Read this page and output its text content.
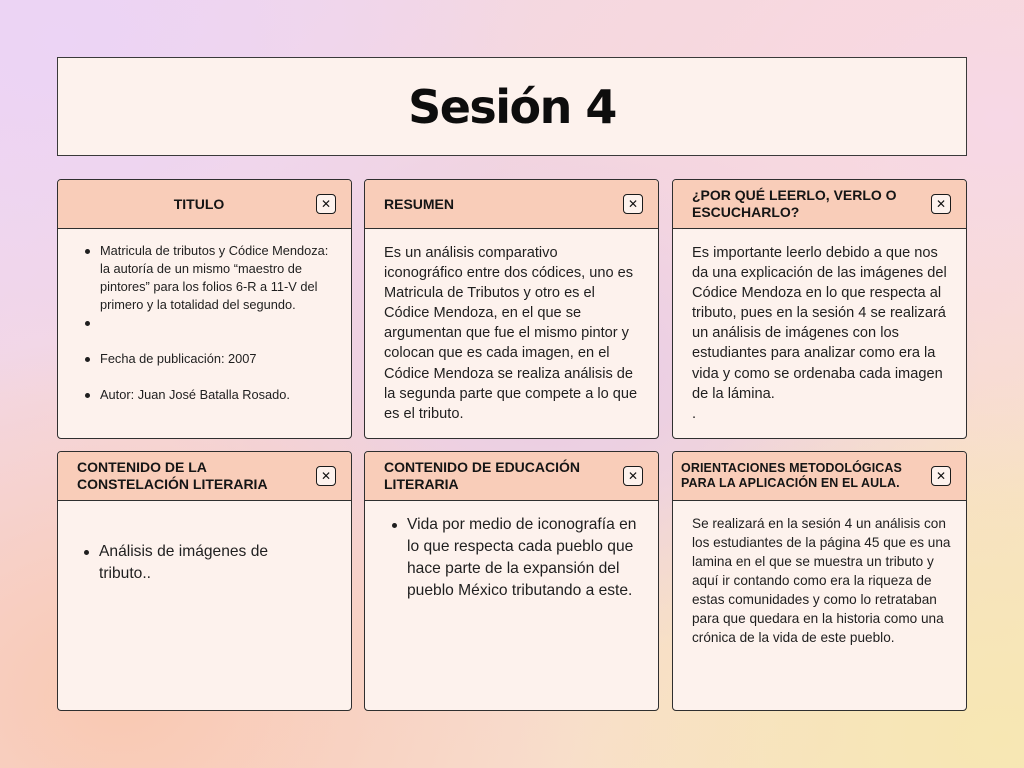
Sesión 4
TITULO	✕
Matricula de tributos y Códice Mendoza: la autoría de un mismo “maestro de pintores” para los folios 6-R a 11-V del primero y la totalidad del segundo.
Fecha de publicación: 2007
Autor: Juan José Batalla Rosado.
RESUMEN	✕

Es un análisis comparativo iconográfico entre dos códices, uno es Matricula de Tributos y otro es el Códice Mendoza, en el que se argumentan que fue el mismo pintor y colocan que es cada imagen, en el Códice Mendoza se realiza análisis de la segunda parte que compete a lo que es el tributo.

¿POR QUÉ LEERLO, VERLO O ESCUCHARLO?	✕

Es importante leerlo debido a que nos da una explicación de las imágenes del Códice Mendoza en lo que respecta al tributo, pues en la sesión 4 se realizará un análisis de imágenes con los estudiantes para analizar como era la vida y como se ordenaba cada imagen de la lámina.

.

CONTENIDO DE LA CONSTELACIÓN LITERARIA	✕
Análisis de imágenes de tributo..
CONTENIDO DE EDUCACIÓN LITERARIA	✕
Vida por medio de iconografía en lo que respecta cada pueblo que hace parte de la expansión del pueblo México tributando a este.
ORIENTACIONES METODOLÓGICAS PARA LA APLICACIÓN EN EL AULA.	✕

Se realizará en la sesión 4 un análisis con los estudiantes de la página 45 que es una lamina en el que se muestra un tributo y aquí ir contando como era la riqueza de estas comunidades y como lo retrataban para que quedara en la historia como una crónica de la vida de este pueblo.
